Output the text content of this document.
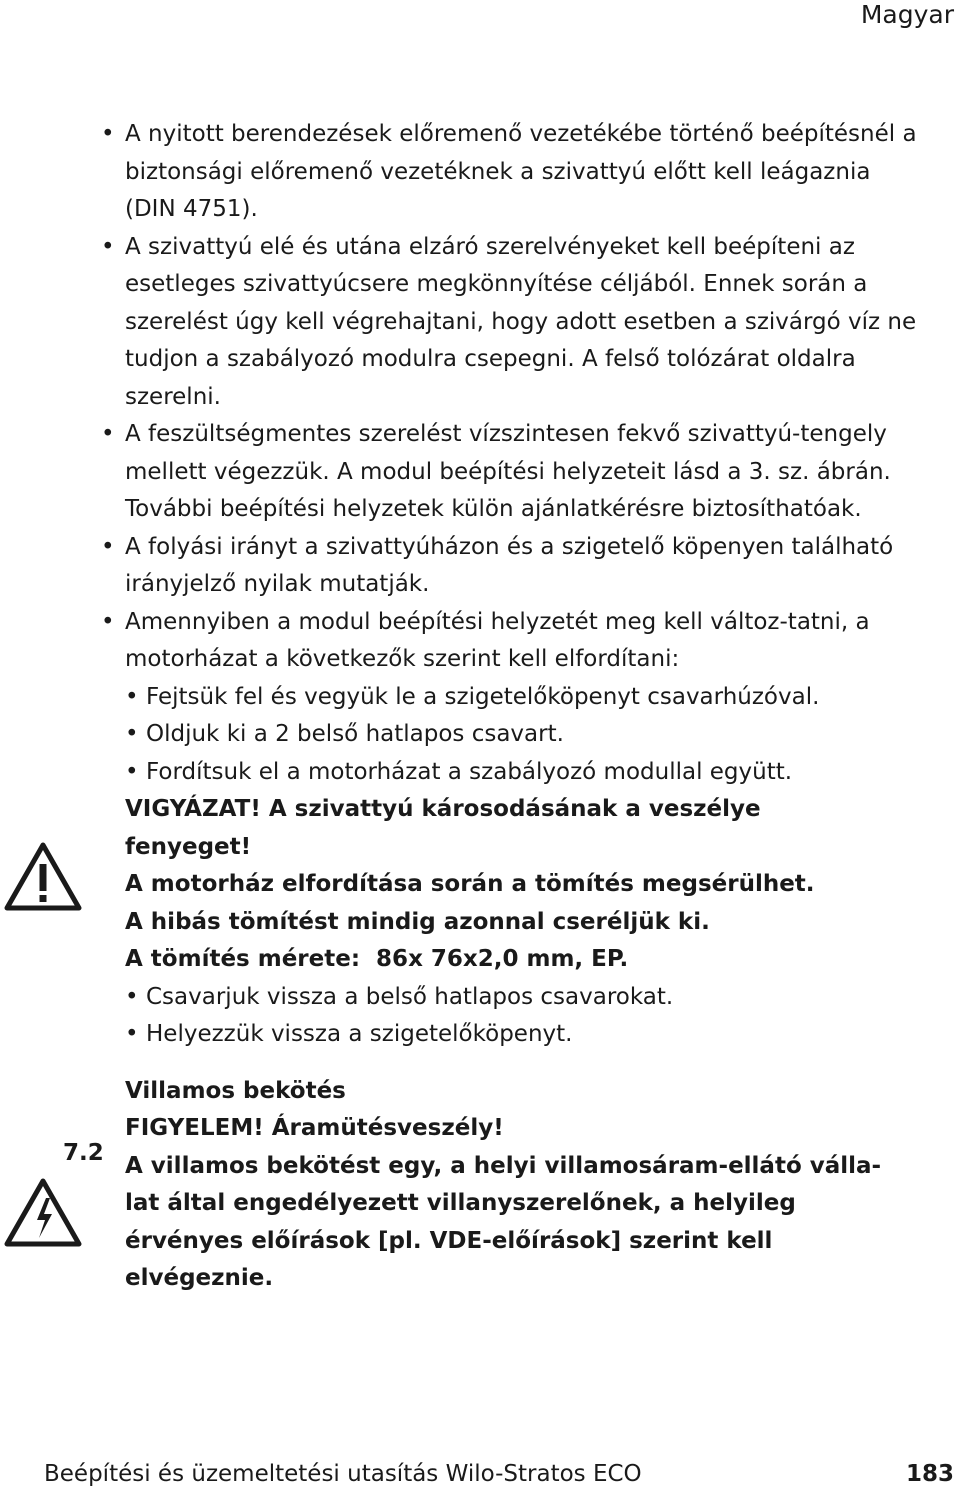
Magyar
7.2
• A nyitott berendezések előremenő vezetékébe történő beépítésnél a biztonsági előremenő vezetéknek a szivattyú előtt kell leágaznia (DIN 4751).
• A szivattyú elé és utána elzáró szerelvényeket kell beépíteni az esetleges szivattyúcsere megkönnyítése céljából. Ennek során a szerelést úgy kell végrehajtani, hogy adott esetben a szivárgó víz ne tudjon a szabályozó modulra csepegni. A felső tolózárat oldalra szerelni.
• A feszültségmentes szerelést vízszintesen fekvő szivattyú-tengely mellett végezzük. A modul beépítési helyzeteit lásd a 3. sz. ábrán. További beépítési helyzetek külön ajánlatkérésre biztosíthatóak.
• A folyási irányt a szivattyúházon és a szigetelő köpenyen található irányjelző nyilak mutatják.
• Amennyiben a modul beépítési helyzetét meg kell változ-tatni, a motorházat a következők szerint kell elfordítani:
• Fejtsük fel és vegyük le a szigetelőköpenyt csavarhúzóval.
• Oldjuk ki a 2 belső hatlapos csavart.
• Fordítsuk el a motorházat a szabályozó modullal együtt.
VIGYÁZAT! A szivattyú károsodásának a veszélye fenyeget!
A motorház elfordítása során a tömítés megsérülhet.
A hibás tömítést mindig azonnal cseréljük ki.
A tömítés mérete:  86x 76x2,0 mm, EP.
• Csavarjuk vissza a belső hatlapos csavarokat.
• Helyezzük vissza a szigetelőköpenyt.
Villamos bekötés
FIGYELEM! Áramütésveszély!
A villamos bekötést egy, a helyi villamosáram-ellátó válla-lat által engedélyezett villanyszerelőnek, a helyileg érvényes előírások [pl. VDE-előírások] szerint kell elvégeznie.
Beépítési és üzemeltetési utasítás Wilo-Stratos ECO	183
